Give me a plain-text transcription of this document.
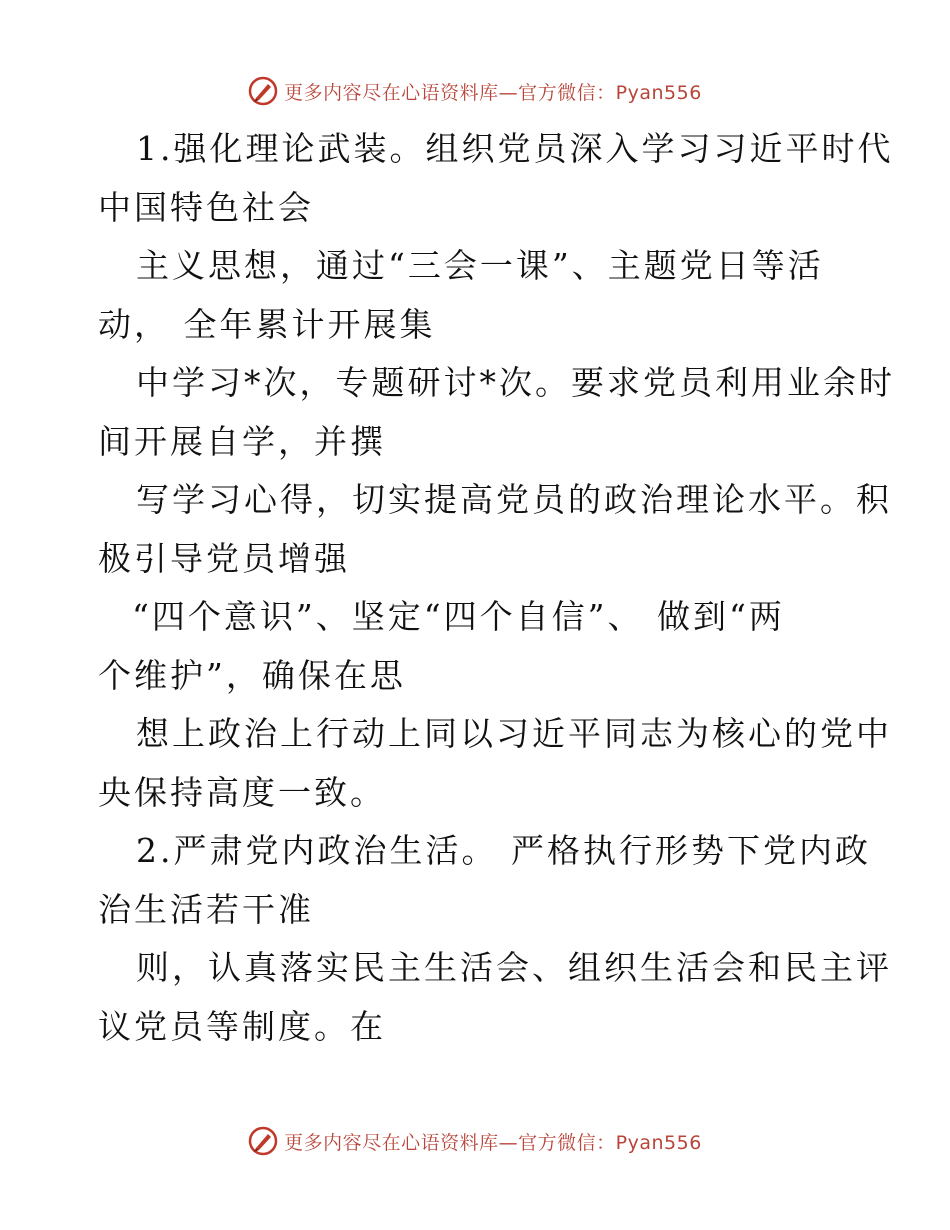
更多内容尽在心语资料库—官方微信：Pyan556
1.强化理论武装。组织党员深入学习习近平时代
中国特色社会
主义思想，通过“三会一课”、主题党日等活
动， 全年累计开展集
中学习*次，专题研讨*次。要求党员利用业余时
间开展自学，并撰
写学习心得，切实提高党员的政治理论水平。积
极引导党员增强
“四个意识”、坚定“四个自信”、 做到“两
个维护”，确保在思
想上政治上行动上同以习近平同志为核心的党中
央保持高度一致。
2.严肃党内政治生活。 严格执行形势下党内政
治生活若干准
则，认真落实民主生活会、组织生活会和民主评
议党员等制度。在
更多内容尽在心语资料库—官方微信：Pyan556
